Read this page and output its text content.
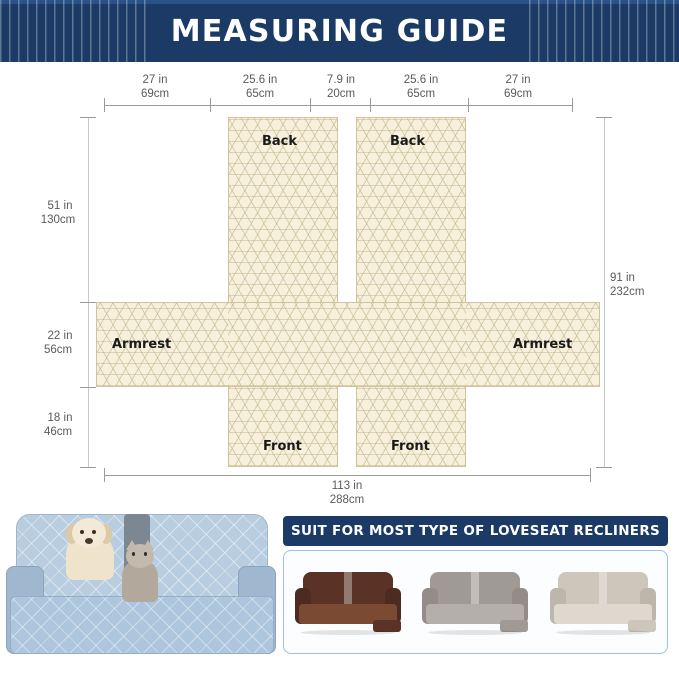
MEASURING GUIDE
27 in
69cm
25.6 in
65cm
7.9 in
20cm
25.6 in
65cm
27 in
69cm
51 in
130cm
22 in
56cm
18 in
46cm
91 in
232cm
Back	Back
Armrest	Armrest
Front	Front
113 in
288cm
SUIT FOR MOST TYPE OF LOVESEAT RECLINERS
